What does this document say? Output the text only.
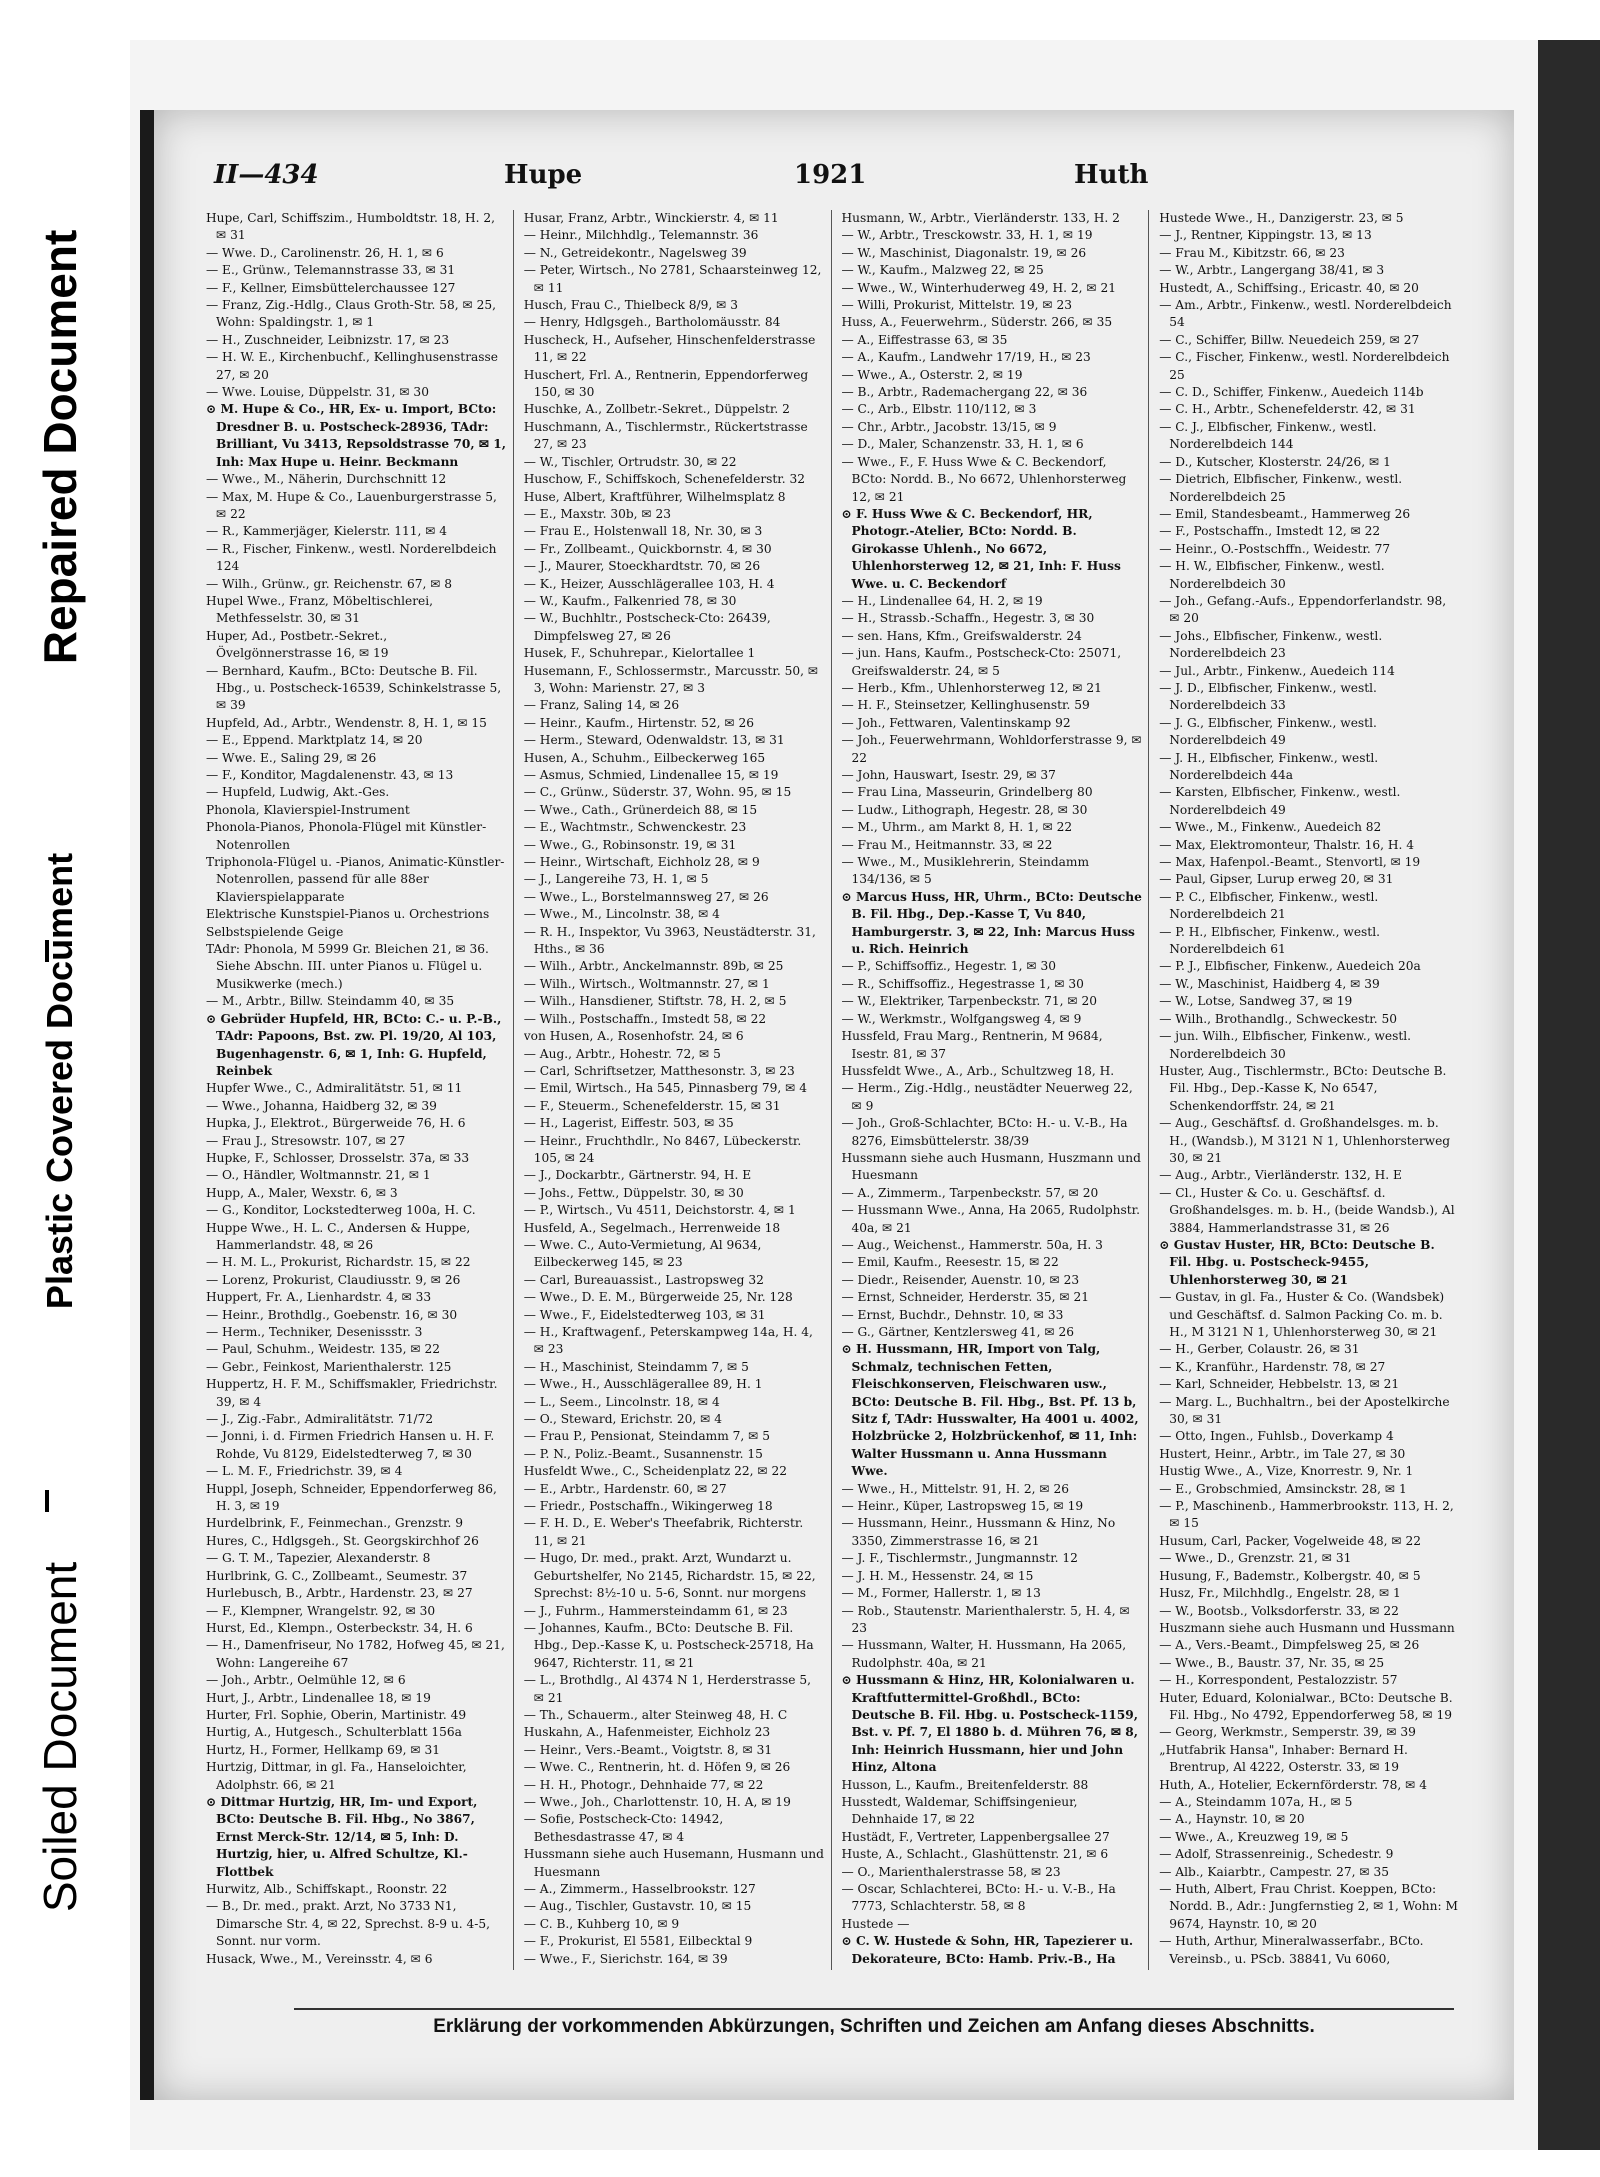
Repaired Document
Plastic Covered Document
Soiled Document
II—434	Hupe	1921	Huth

Hupe, Carl, Schiffszim., Humboldtstr. 18, H. 2, ✉ 31

— Wwe. D., Carolinenstr. 26, H. 1, ✉ 6

— E., Grünw., Telemannstrasse 33, ✉ 31

— F., Kellner, Eimsbüttelerchaussee 127

— Franz, Zig.-Hdlg., Claus Groth-Str. 58, ✉ 25, Wohn: Spaldingstr. 1, ✉ 1

— H., Zuschneider, Leibnizstr. 17, ✉ 23

— H. W. E., Kirchenbuchf., Kellinghusenstrasse 27, ✉ 20

— Wwe. Louise, Düppelstr. 31, ✉ 30

⊙ M. Hupe & Co., HR, Ex- u. Import, BCto: Dresdner B. u. Postscheck-28936, TAdr: Brilliant, Vu 3413, Repsoldstrasse 70, ✉ 1, Inh: Max Hupe u. Heinr. Beckmann

— Wwe., M., Näherin, Durchschnitt 12

— Max, M. Hupe & Co., Lauenburgerstrasse 5, ✉ 22

— R., Kammerjäger, Kielerstr. 111, ✉ 4

— R., Fischer, Finkenw., westl. Norderelbdeich 124

— Wilh., Grünw., gr. Reichenstr. 67, ✉ 8

Hupel Wwe., Franz, Möbeltischlerei, Methfesselstr. 30, ✉ 31

Huper, Ad., Postbetr.-Sekret., Övelgönnerstrasse 16, ✉ 19

— Bernhard, Kaufm., BCto: Deutsche B. Fil. Hbg., u. Postscheck-16539, Schinkelstrasse 5, ✉ 39

Hupfeld, Ad., Arbtr., Wendenstr. 8, H. 1, ✉ 15

— E., Eppend. Marktplatz 14, ✉ 20

— Wwe. E., Saling 29, ✉ 26

— F., Konditor, Magdalenenstr. 43, ✉ 13

— Hupfeld, Ludwig, Akt.-Ges.

Phonola, Klavierspiel-Instrument

Phonola-Pianos, Phonola-Flügel mit Künstler-Notenrollen

Triphonola-Flügel u. -Pianos, Animatic-Künstler-Notenrollen, passend für alle 88er Klavierspielapparate

Elektrische Kunstspiel-Pianos u. Orchestrions

Selbstspielende Geige

TAdr: Phonola, M 5999 Gr. Bleichen 21, ✉ 36. Siehe Abschn. III. unter Pianos u. Flügel u. Musikwerke (mech.)

— M., Arbtr., Billw. Steindamm 40, ✉ 35

⊙ Gebrüder Hupfeld, HR, BCto: C.- u. P.-B., TAdr: Papoons, Bst. zw. Pl. 19/20, Al 103, Bugenhagenstr. 6, ✉ 1, Inh: G. Hupfeld, Reinbek

Hupfer Wwe., C., Admiralitätstr. 51, ✉ 11

— Wwe., Johanna, Haidberg 32, ✉ 39

Hupka, J., Elektrot., Bürgerweide 76, H. 6

— Frau J., Stresowstr. 107, ✉ 27

Hupke, F., Schlosser, Drosselstr. 37a, ✉ 33

— O., Händler, Woltmannstr. 21, ✉ 1

Hupp, A., Maler, Wexstr. 6, ✉ 3

— G., Konditor, Lockstedterweg 100a, H. C.

Huppe Wwe., H. L. C., Andersen & Huppe, Hammerlandstr. 48, ✉ 26

— H. M. L., Prokurist, Richardstr. 15, ✉ 22

— Lorenz, Prokurist, Claudiusstr. 9, ✉ 26

Huppert, Fr. A., Lienhardstr. 4, ✉ 33

— Heinr., Brothdlg., Goebenstr. 16, ✉ 30

— Herm., Techniker, Desenissstr. 3

— Paul, Schuhm., Weidestr. 135, ✉ 22

— Gebr., Feinkost, Marienthalerstr. 125

Huppertz, H. F. M., Schiffsmakler, Friedrichstr. 39, ✉ 4

— J., Zig.-Fabr., Admiralitätstr. 71/72

— Jonni, i. d. Firmen Friedrich Hansen u. H. F. Rohde, Vu 8129, Eidelstedterweg 7, ✉ 30

— L. M. F., Friedrichstr. 39, ✉ 4

Huppl, Joseph, Schneider, Eppendorferweg 86, H. 3, ✉ 19

Hurdelbrink, F., Feinmechan., Grenzstr. 9

Hures, C., Hdlgsgeh., St. Georgskirchhof 26

— G. T. M., Tapezier, Alexanderstr. 8

Hurlbrink, G. C., Zollbeamt., Seumestr. 37

Hurlebusch, B., Arbtr., Hardenstr. 23, ✉ 27

— F., Klempner, Wrangelstr. 92, ✉ 30

Hurst, Ed., Klempn., Osterbeckstr. 34, H. 6

— H., Damenfriseur, No 1782, Hofweg 45, ✉ 21, Wohn: Langereihe 67

— Joh., Arbtr., Oelmühle 12, ✉ 6

Hurt, J., Arbtr., Lindenallee 18, ✉ 19

Hurter, Frl. Sophie, Oberin, Martinistr. 49

Hurtig, A., Hutgesch., Schulterblatt 156a

Hurtz, H., Former, Hellkamp 69, ✉ 31

Hurtzig, Dittmar, in gl. Fa., Hanseloichter, Adolphstr. 66, ✉ 21

⊙ Dittmar Hurtzig, HR, Im- und Export, BCto: Deutsche B. Fil. Hbg., No 3867, Ernst Merck-Str. 12/14, ✉ 5, Inh: D. Hurtzig, hier, u. Alfred Schultze, Kl.-Flottbek

Hurwitz, Alb., Schiffskapt., Roonstr. 22

— B., Dr. med., prakt. Arzt, No 3733 N1, Dimarsche Str. 4, ✉ 22, Sprechst. 8-9 u. 4-5, Sonnt. nur vorm.

Husack, Wwe., M., Vereinsstr. 4, ✉ 6

Husar, Franz, Arbtr., Winckierstr. 4, ✉ 11

— Heinr., Milchhdlg., Telemannstr. 36

— N., Getreidekontr., Nagelsweg 39

— Peter, Wirtsch., No 2781, Schaarsteinweg 12, ✉ 11

Husch, Frau C., Thielbeck 8/9, ✉ 3

— Henry, Hdlgsgeh., Bartholomäusstr. 84

Huscheck, H., Aufseher, Hinschenfelderstrasse 11, ✉ 22

Huschert, Frl. A., Rentnerin, Eppendorferweg 150, ✉ 30

Huschke, A., Zollbetr.-Sekret., Düppelstr. 2

Huschmann, A., Tischlermstr., Rückertstrasse 27, ✉ 23

— W., Tischler, Ortrudstr. 30, ✉ 22

Huschow, F., Schiffskoch, Schenefelderstr. 32

Huse, Albert, Kraftführer, Wilhelmsplatz 8

— E., Maxstr. 30b, ✉ 23

— Frau E., Holstenwall 18, Nr. 30, ✉ 3

— Fr., Zollbeamt., Quickbornstr. 4, ✉ 30

— J., Maurer, Stoeckhardtstr. 70, ✉ 26

— K., Heizer, Ausschlägerallee 103, H. 4

— W., Kaufm., Falkenried 78, ✉ 30

— W., Buchhltr., Postscheck-Cto: 26439, Dimpfelsweg 27, ✉ 26

Husek, F., Schuhrepar., Kielortallee 1

Husemann, F., Schlossermstr., Marcusstr. 50, ✉ 3, Wohn: Marienstr. 27, ✉ 3

— Franz, Saling 14, ✉ 26

— Heinr., Kaufm., Hirtenstr. 52, ✉ 26

— Herm., Steward, Odenwaldstr. 13, ✉ 31

Husen, A., Schuhm., Eilbeckerweg 165

— Asmus, Schmied, Lindenallee 15, ✉ 19

— C., Grünw., Süderstr. 37, Wohn. 95, ✉ 15

— Wwe., Cath., Grünerdeich 88, ✉ 15

— E., Wachtmstr., Schwenckestr. 23

— Wwe., G., Robinsonstr. 19, ✉ 31

— Heinr., Wirtschaft, Eichholz 28, ✉ 9

— J., Langereihe 73, H. 1, ✉ 5

— Wwe., L., Borstelmannsweg 27, ✉ 26

— Wwe., M., Lincolnstr. 38, ✉ 4

— R. H., Inspektor, Vu 3963, Neustädterstr. 31, Hths., ✉ 36

— Wilh., Arbtr., Anckelmannstr. 89b, ✉ 25

— Wilh., Wirtsch., Woltmannstr. 27, ✉ 1

— Wilh., Hansdiener, Stiftstr. 78, H. 2, ✉ 5

— Wilh., Postschaffn., Imstedt 58, ✉ 22

von Husen, A., Rosenhofstr. 24, ✉ 6

— Aug., Arbtr., Hohestr. 72, ✉ 5

— Carl, Schriftsetzer, Matthesonstr. 3, ✉ 23

— Emil, Wirtsch., Ha 545, Pinnasberg 79, ✉ 4

— F., Steuerm., Schenefelderstr. 15, ✉ 31

— H., Lagerist, Eiffestr. 503, ✉ 35

— Heinr., Fruchthdlr., No 8467, Lübeckerstr. 105, ✉ 24

— J., Dockarbtr., Gärtnerstr. 94, H. E

— Johs., Fettw., Düppelstr. 30, ✉ 30

— P., Wirtsch., Vu 4511, Deichstorstr. 4, ✉ 1

Husfeld, A., Segelmach., Herrenweide 18

— Wwe. C., Auto-Vermietung, Al 9634, Eilbeckerweg 145, ✉ 23

— Carl, Bureauassist., Lastropsweg 32

— Wwe., D. E. M., Bürgerweide 25, Nr. 128

— Wwe., F., Eidelstedterweg 103, ✉ 31

— H., Kraftwagenf., Peterskampweg 14a, H. 4, ✉ 23

— H., Maschinist, Steindamm 7, ✉ 5

— Wwe., H., Ausschlägerallee 89, H. 1

— L., Seem., Lincolnstr. 18, ✉ 4

— O., Steward, Erichstr. 20, ✉ 4

— Frau P., Pensionat, Steindamm 7, ✉ 5

— P. N., Poliz.-Beamt., Susannenstr. 15

Husfeldt Wwe., C., Scheidenplatz 22, ✉ 22

— E., Arbtr., Hardenstr. 60, ✉ 27

— Friedr., Postschaffn., Wikingerweg 18

— F. H. D., E. Weber's Theefabrik, Richterstr. 11, ✉ 21

— Hugo, Dr. med., prakt. Arzt, Wundarzt u. Geburtshelfer, No 2145, Richardstr. 15, ✉ 22, Sprechst: 8½-10 u. 5-6, Sonnt. nur morgens

— J., Fuhrm., Hammersteindamm 61, ✉ 23

— Johannes, Kaufm., BCto: Deutsche B. Fil. Hbg., Dep.-Kasse K, u. Postscheck-25718, Ha 9647, Richterstr. 11, ✉ 21

— L., Brothdlg., Al 4374 N 1, Herderstrasse 5, ✉ 21

— Th., Schauerm., alter Steinweg 48, H. C

Huskahn, A., Hafenmeister, Eichholz 23

— Heinr., Vers.-Beamt., Voigtstr. 8, ✉ 31

— Wwe. C., Rentnerin, ht. d. Höfen 9, ✉ 26

— H. H., Photogr., Dehnhaide 77, ✉ 22

— Wwe., Joh., Charlottenstr. 10, H. A, ✉ 19

— Sofie, Postscheck-Cto: 14942, Bethesdastrasse 47, ✉ 4

Hussmann siehe auch Husemann, Husmann und Huesmann

— A., Zimmerm., Hasselbrookstr. 127

— Aug., Tischler, Gustavstr. 10, ✉ 15

— C. B., Kuhberg 10, ✉ 9

— F., Prokurist, El 5581, Eilbecktal 9

— Wwe., F., Sierichstr. 164, ✉ 39

Husmann, W., Arbtr., Vierländerstr. 133, H. 2

— W., Arbtr., Tresckowstr. 33, H. 1, ✉ 19

— W., Maschinist, Diagonalstr. 19, ✉ 26

— W., Kaufm., Malzweg 22, ✉ 25

— Wwe., W., Winterhuderweg 49, H. 2, ✉ 21

— Willi, Prokurist, Mittelstr. 19, ✉ 23

Huss, A., Feuerwehrm., Süderstr. 266, ✉ 35

— A., Eiffestrasse 63, ✉ 35

— A., Kaufm., Landwehr 17/19, H., ✉ 23

— Wwe., A., Osterstr. 2, ✉ 19

— B., Arbtr., Rademachergang 22, ✉ 36

— C., Arb., Elbstr. 110/112, ✉ 3

— Chr., Arbtr., Jacobstr. 13/15, ✉ 9

— D., Maler, Schanzenstr. 33, H. 1, ✉ 6

— Wwe., F., F. Huss Wwe & C. Beckendorf, BCto: Nordd. B., No 6672, Uhlenhorsterweg 12, ✉ 21

⊙ F. Huss Wwe & C. Beckendorf, HR, Photogr.-Atelier, BCto: Nordd. B. Girokasse Uhlenh., No 6672, Uhlenhorsterweg 12, ✉ 21, Inh: F. Huss Wwe. u. C. Beckendorf

— H., Lindenallee 64, H. 2, ✉ 19

— H., Strassb.-Schaffn., Hegestr. 3, ✉ 30

— sen. Hans, Kfm., Greifswalderstr. 24

— jun. Hans, Kaufm., Postscheck-Cto: 25071, Greifswalderstr. 24, ✉ 5

— Herb., Kfm., Uhlenhorsterweg 12, ✉ 21

— H. F., Steinsetzer, Kellinghusenstr. 59

— Joh., Fettwaren, Valentinskamp 92

— Joh., Feuerwehrmann, Wohldorferstrasse 9, ✉ 22

— John, Hauswart, Isestr. 29, ✉ 37

— Frau Lina, Masseurin, Grindelberg 80

— Ludw., Lithograph, Hegestr. 28, ✉ 30

— M., Uhrm., am Markt 8, H. 1, ✉ 22

— Frau M., Heitmannstr. 33, ✉ 22

— Wwe., M., Musiklehrerin, Steindamm 134/136, ✉ 5

⊙ Marcus Huss, HR, Uhrm., BCto: Deutsche B. Fil. Hbg., Dep.-Kasse T, Vu 840, Hamburgerstr. 3, ✉ 22, Inh: Marcus Huss u. Rich. Heinrich

— P., Schiffsoffiz., Hegestr. 1, ✉ 30

— R., Schiffsoffiz., Hegestrasse 1, ✉ 30

— W., Elektriker, Tarpenbeckstr. 71, ✉ 20

— W., Werkmstr., Wolfgangsweg 4, ✉ 9

Hussfeld, Frau Marg., Rentnerin, M 9684, Isestr. 81, ✉ 37

Hussfeldt Wwe., A., Arb., Schultzweg 18, H.

— Herm., Zig.-Hdlg., neustädter Neuerweg 22, ✉ 9

— Joh., Groß-Schlachter, BCto: H.- u. V.-B., Ha 8276, Eimsbüttelerstr. 38/39

Hussmann siehe auch Husmann, Huszmann und Huesmann

— A., Zimmerm., Tarpenbeckstr. 57, ✉ 20

— Hussmann Wwe., Anna, Ha 2065, Rudolphstr. 40a, ✉ 21

— Aug., Weichenst., Hammerstr. 50a, H. 3

— Emil, Kaufm., Reesestr. 15, ✉ 22

— Diedr., Reisender, Auenstr. 10, ✉ 23

— Ernst, Schneider, Herderstr. 35, ✉ 21

— Ernst, Buchdr., Dehnstr. 10, ✉ 33

— G., Gärtner, Kentzlersweg 41, ✉ 26

⊙ H. Hussmann, HR, Import von Talg, Schmalz, technischen Fetten, Fleischkonserven, Fleischwaren usw., BCto: Deutsche B. Fil. Hbg., Bst. Pf. 13 b, Sitz f, TAdr: Husswalter, Ha 4001 u. 4002, Holzbrücke 2, Holzbrückenhof, ✉ 11, Inh: Walter Hussmann u. Anna Hussmann Wwe.

— Wwe., H., Mittelstr. 91, H. 2, ✉ 26

— Heinr., Küper, Lastropsweg 15, ✉ 19

— Hussmann, Heinr., Hussmann & Hinz, No 3350, Zimmerstrasse 16, ✉ 21

— J. F., Tischlermstr., Jungmannstr. 12

— J. H. M., Hessenstr. 24, ✉ 15

— M., Former, Hallerstr. 1, ✉ 13

— Rob., Stautenstr. Marienthalerstr. 5, H. 4, ✉ 23

— Hussmann, Walter, H. Hussmann, Ha 2065, Rudolphstr. 40a, ✉ 21

⊙ Hussmann & Hinz, HR, Kolonialwaren u. Kraftfuttermittel-Großhdl., BCto: Deutsche B. Fil. Hbg. u. Postscheck-1159, Bst. v. Pf. 7, El 1880 b. d. Mühren 76, ✉ 8, Inh: Heinrich Hussmann, hier und John Hinz, Altona

Husson, L., Kaufm., Breitenfelderstr. 88

Husstedt, Waldemar, Schiffsingenieur, Dehnhaide 17, ✉ 22

Hustädt, F., Vertreter, Lappenbergsallee 27

Huste, A., Schlacht., Glashüttenstr. 21, ✉ 6

— O., Marienthalerstrasse 58, ✉ 23

— Oscar, Schlachterei, BCto: H.- u. V.-B., Ha 7773, Schlachterstr. 58, ✉ 8

Hustede —

⊙ C. W. Hustede & Sohn, HR, Tapezierer u. Dekorateure, BCto: Hamb. Priv.-B., Ha

Hustede Wwe., H., Danzigerstr. 23, ✉ 5

— J., Rentner, Kippingstr. 13, ✉ 13

— Frau M., Kibitzstr. 66, ✉ 23

— W., Arbtr., Langergang 38/41, ✉ 3

Hustedt, A., Schiffsing., Ericastr. 40, ✉ 20

— Am., Arbtr., Finkenw., westl. Norderelbdeich 54

— C., Schiffer, Billw. Neuedeich 259, ✉ 27

— C., Fischer, Finkenw., westl. Norderelbdeich 25

— C. D., Schiffer, Finkenw., Auedeich 114b

— C. H., Arbtr., Schenefelderstr. 42, ✉ 31

— C. J., Elbfischer, Finkenw., westl. Norderelbdeich 144

— D., Kutscher, Klosterstr. 24/26, ✉ 1

— Dietrich, Elbfischer, Finkenw., westl. Norderelbdeich 25

— Emil, Standesbeamt., Hammerweg 26

— F., Postschaffn., Imstedt 12, ✉ 22

— Heinr., O.-Postschffn., Weidestr. 77

— H. W., Elbfischer, Finkenw., westl. Norderelbdeich 30

— Joh., Gefang.-Aufs., Eppendorferlandstr. 98, ✉ 20

— Johs., Elbfischer, Finkenw., westl. Norderelbdeich 23

— Jul., Arbtr., Finkenw., Auedeich 114

— J. D., Elbfischer, Finkenw., westl. Norderelbdeich 33

— J. G., Elbfischer, Finkenw., westl. Norderelbdeich 49

— J. H., Elbfischer, Finkenw., westl. Norderelbdeich 44a

— Karsten, Elbfischer, Finkenw., westl. Norderelbdeich 49

— Wwe., M., Finkenw., Auedeich 82

— Max, Elektromonteur, Thalstr. 16, H. 4

— Max, Hafenpol.-Beamt., Stenvortl, ✉ 19

— Paul, Gipser, Lurup erweg 20, ✉ 31

— P. C., Elbfischer, Finkenw., westl. Norderelbdeich 21

— P. H., Elbfischer, Finkenw., westl. Norderelbdeich 61

— P. J., Elbfischer, Finkenw., Auedeich 20a

— W., Maschinist, Haidberg 4, ✉ 39

— W., Lotse, Sandweg 37, ✉ 19

— Wilh., Brothandlg., Schweckestr. 50

— jun. Wilh., Elbfischer, Finkenw., westl. Norderelbdeich 30

Huster, Aug., Tischlermstr., BCto: Deutsche B. Fil. Hbg., Dep.-Kasse K, No 6547, Schenkendorffstr. 24, ✉ 21

— Aug., Geschäftsf. d. Großhandelsges. m. b. H., (Wandsb.), M 3121 N 1, Uhlenhorsterweg 30, ✉ 21

— Aug., Arbtr., Vierländerstr. 132, H. E

— Cl., Huster & Co. u. Geschäftsf. d. Großhandelsges. m. b. H., (beide Wandsb.), Al 3884, Hammerlandstrasse 31, ✉ 26

⊙ Gustav Huster, HR, BCto: Deutsche B. Fil. Hbg. u. Postscheck-9455, Uhlenhorsterweg 30, ✉ 21

— Gustav, in gl. Fa., Huster & Co. (Wandsbek) und Geschäftsf. d. Salmon Packing Co. m. b. H., M 3121 N 1, Uhlenhorsterweg 30, ✉ 21

— H., Gerber, Colaustr. 26, ✉ 31

— K., Kranführ., Hardenstr. 78, ✉ 27

— Karl, Schneider, Hebbelstr. 13, ✉ 21

— Marg. L., Buchhaltrn., bei der Apostelkirche 30, ✉ 31

— Otto, Ingen., Fuhlsb., Doverkamp 4

Hustert, Heinr., Arbtr., im Tale 27, ✉ 30

Hustig Wwe., A., Vize, Knorrestr. 9, Nr. 1

— E., Grobschmied, Amsinckstr. 28, ✉ 1

— P., Maschinenb., Hammerbrookstr. 113, H. 2, ✉ 15

Husum, Carl, Packer, Vogelweide 48, ✉ 22

— Wwe., D., Grenzstr. 21, ✉ 31

Husung, F., Bademstr., Kolbergstr. 40, ✉ 5

Husz, Fr., Milchhdlg., Engelstr. 28, ✉ 1

— W., Bootsb., Volksdorferstr. 33, ✉ 22

Huszmann siehe auch Husmann und Hussmann

— A., Vers.-Beamt., Dimpfelsweg 25, ✉ 26

— Wwe., B., Baustr. 37, Nr. 35, ✉ 25

— H., Korrespondent, Pestalozzistr. 57

Huter, Eduard, Kolonialwar., BCto: Deutsche B. Fil. Hbg., No 4792, Eppendorferweg 58, ✉ 19

— Georg, Werkmstr., Semperstr. 39, ✉ 39

„Hutfabrik Hansa", Inhaber: Bernard H. Brentrup, Al 4222, Osterstr. 33, ✉ 19

Huth, A., Hotelier, Eckernförderstr. 78, ✉ 4

— A., Steindamm 107a, H., ✉ 5

— A., Haynstr. 10, ✉ 20

— Wwe., A., Kreuzweg 19, ✉ 5

— Adolf, Strassenreinig., Schedestr. 9

— Alb., Kaiarbtr., Campestr. 27, ✉ 35

— Huth, Albert, Frau Christ. Koeppen, BCto: Nordd. B., Adr.: Jungfernstieg 2, ✉ 1, Wohn: M 9674, Haynstr. 10, ✉ 20

— Huth, Arthur, Mineralwasserfabr., BCto. Vereinsb., u. PScb. 38841, Vu 6060,

Erklärung der vorkommenden Abkürzungen, Schriften und Zeichen am Anfang dieses Abschnitts.
